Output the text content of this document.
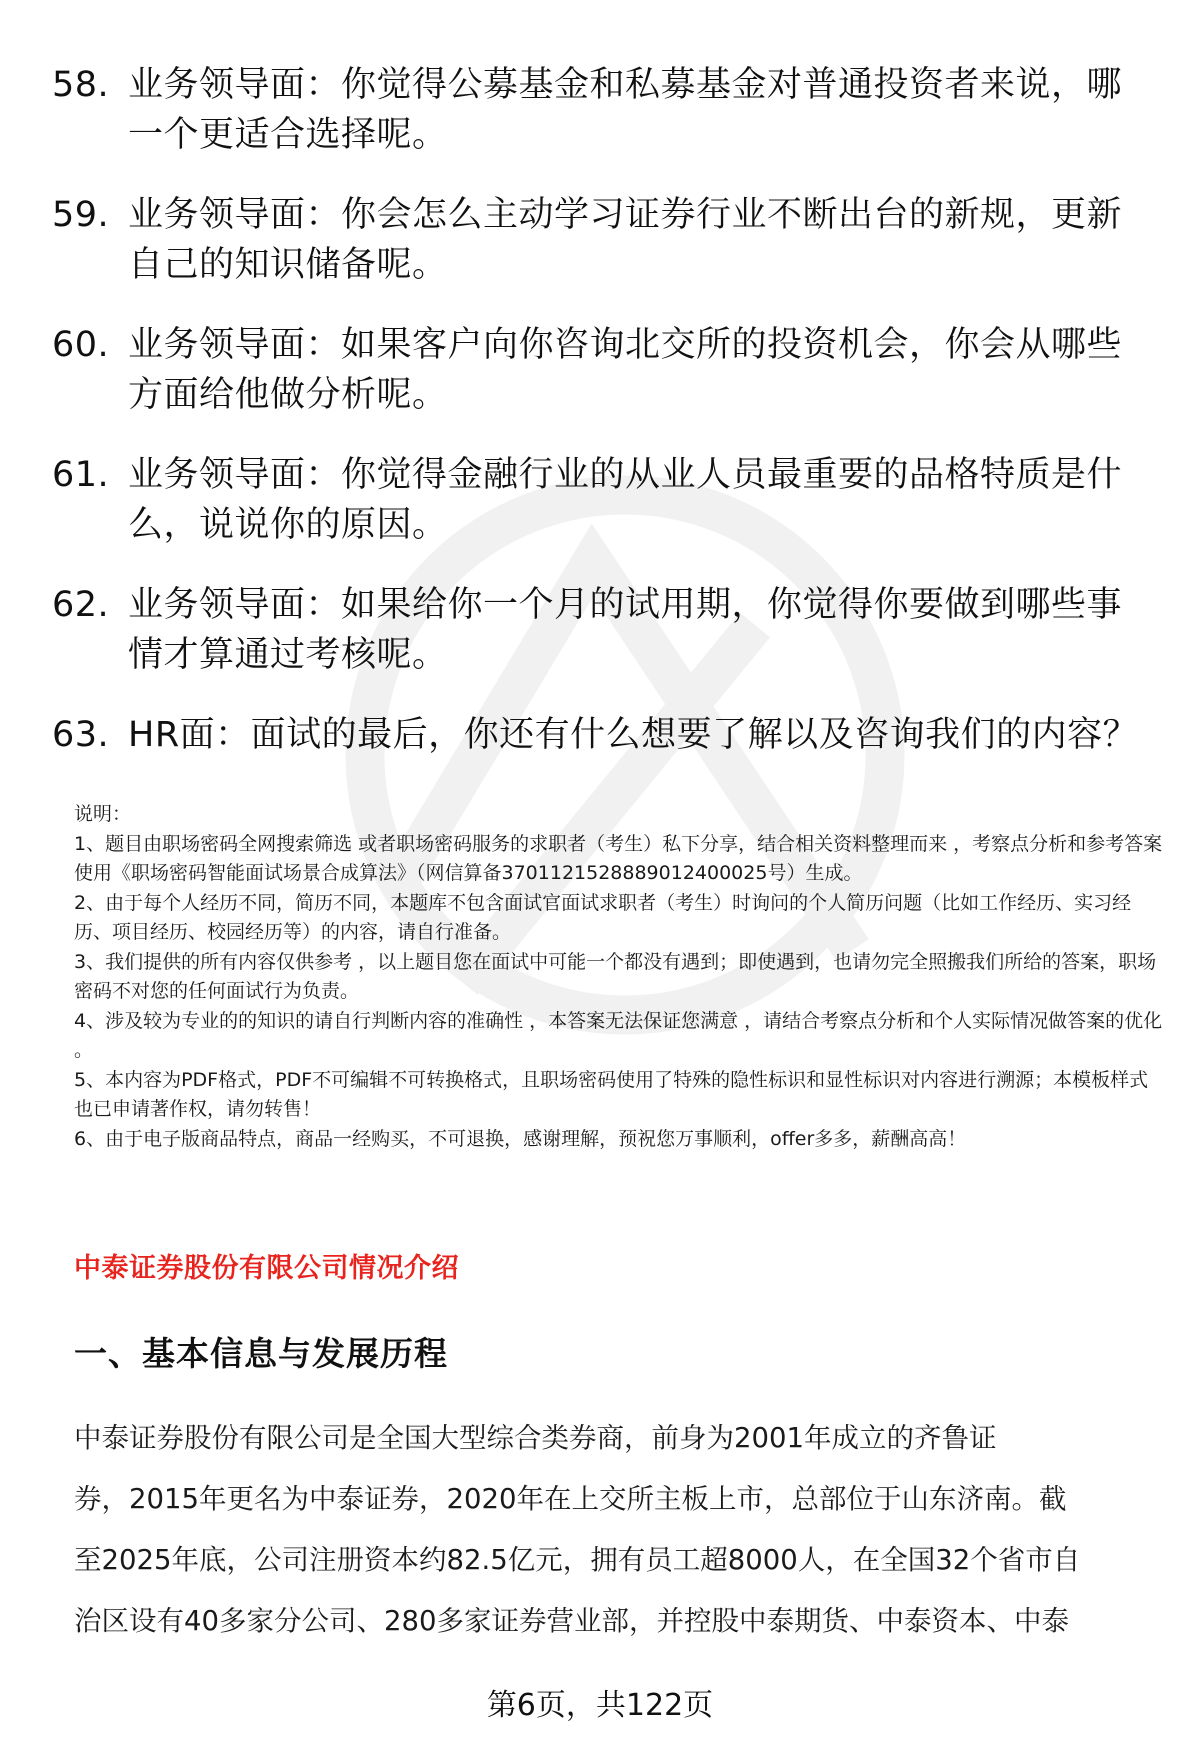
58. 业务领导面：你觉得公募基金和私募基金对普通投资者来说，哪一个更适合选择呢。
59. 业务领导面：你会怎么主动学习证券行业不断出台的新规，更新自己的知识储备呢。
60. 业务领导面：如果客户向你咨询北交所的投资机会，你会从哪些方面给他做分析呢。
61. 业务领导面：你觉得金融行业的从业人员最重要的品格特质是什么，说说你的原因。
62. 业务领导面：如果给你一个月的试用期，你觉得你要做到哪些事情才算通过考核呢。
63. HR面：面试的最后，你还有什么想要了解以及咨询我们的内容？

说明：

1、题目由职场密码全网搜索筛选 或者职场密码服务的求职者（考生）私下分享，结合相关资料整理而来 ，考察点分析和参考答案使用《职场密码智能面试场景合成算法》（网信算备3701121528889012400025号）生成。

2、由于每个人经历不同，简历不同，本题库不包含面试官面试求职者（考生）时询问的个人简历问题（比如工作经历、实习经历、项目经历、校园经历等）的内容，请自行准备。

3、我们提供的所有内容仅供参考 ，以上题目您在面试中可能一个都没有遇到；即使遇到，也请勿完全照搬我们所给的答案，职场密码不对您的任何面试行为负责。

4、涉及较为专业的的知识的请自行判断内容的准确性 ，本答案无法保证您满意 ，请结合考察点分析和个人实际情况做答案的优化 。

5、本内容为PDF格式，PDF不可编辑不可转换格式，且职场密码使用了特殊的隐性标识和显性标识对内容进行溯源；本模板样式也已申请著作权，请勿转售！

6、由于电子版商品特点，商品一经购买，不可退换，感谢理解，预祝您万事顺利，offer多多，薪酬高高！

中泰证券股份有限公司情况介绍
一、基本信息与发展历程

中泰证券股份有限公司是全国大型综合类券商，前身为2001年成立的齐鲁证
券，2015年更名为中泰证券，2020年在上交所主板上市，总部位于山东济南。截
至2025年底，公司注册资本约82.5亿元，拥有员工超8000人，在全国32个省市自
治区设有40多家分公司、280多家证券营业部，并控股中泰期货、中泰资本、中泰

第6页，共122页
